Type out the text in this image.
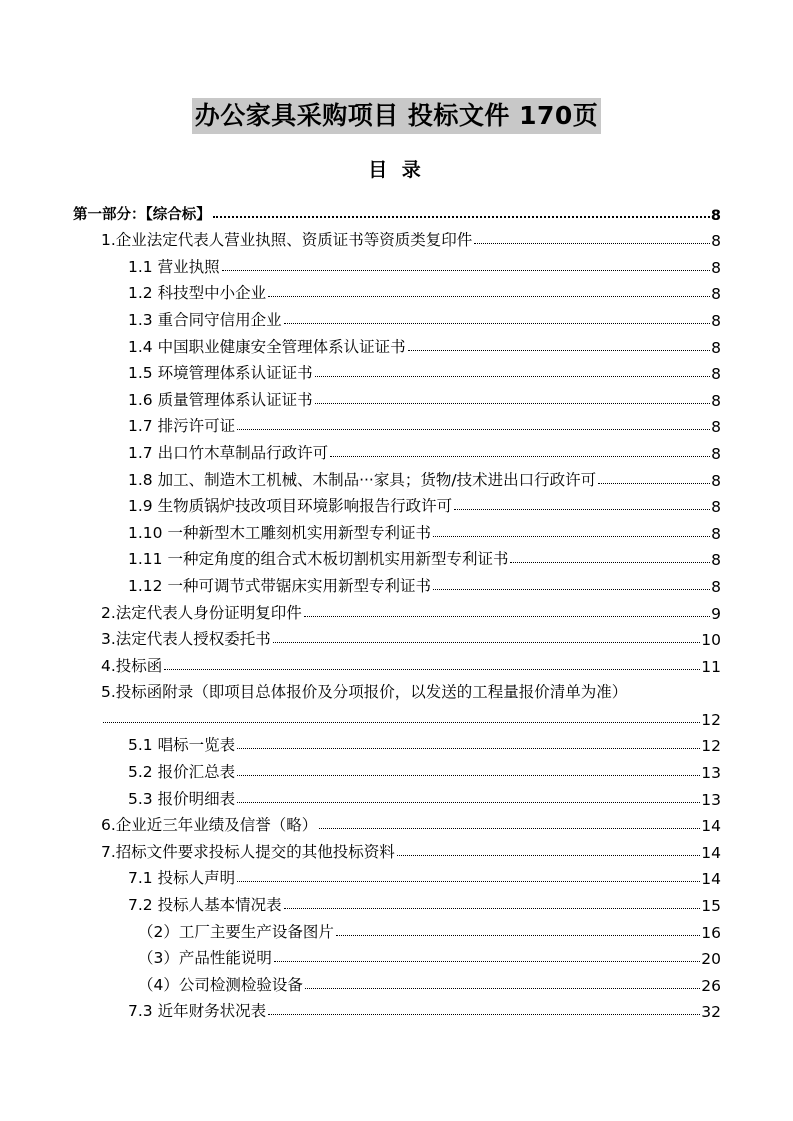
办公家具采购项目 投标文件 170页
目 录
第一部分：【综合标】	8
1.企业法定代表人营业执照、资质证书等资质类复印件	8
1.1 营业执照	8
1.2 科技型中小企业	8
1.3 重合同守信用企业	8
1.4 中国职业健康安全管理体系认证证书	8
1.5 环境管理体系认证证书	8
1.6 质量管理体系认证证书	8
1.7 排污许可证	8
1.7 出口竹木草制品行政许可	8
1.8 加工、制造木工机械、木制品···家具；货物/技术进出口行政许可	8
1.9 生物质锅炉技改项目环境影响报告行政许可	8
1.10 一种新型木工雕刻机实用新型专利证书	8
1.11 一种定角度的组合式木板切割机实用新型专利证书	8
1.12 一种可调节式带锯床实用新型专利证书	8
2.法定代表人身份证明复印件	9
3.法定代表人授权委托书	10
4.投标函	11
5.投标函附录（即项目总体报价及分项报价，以发送的工程量报价清单为准）
12
5.1 唱标一览表	12
5.2 报价汇总表	13
5.3 报价明细表	13
6.企业近三年业绩及信誉（略）	14
7.招标文件要求投标人提交的其他投标资料	14
7.1 投标人声明	14
7.2 投标人基本情况表	15
（2）工厂主要生产设备图片	16
（3）产品性能说明	20
（4）公司检测检验设备	26
7.3 近年财务状况表	32
